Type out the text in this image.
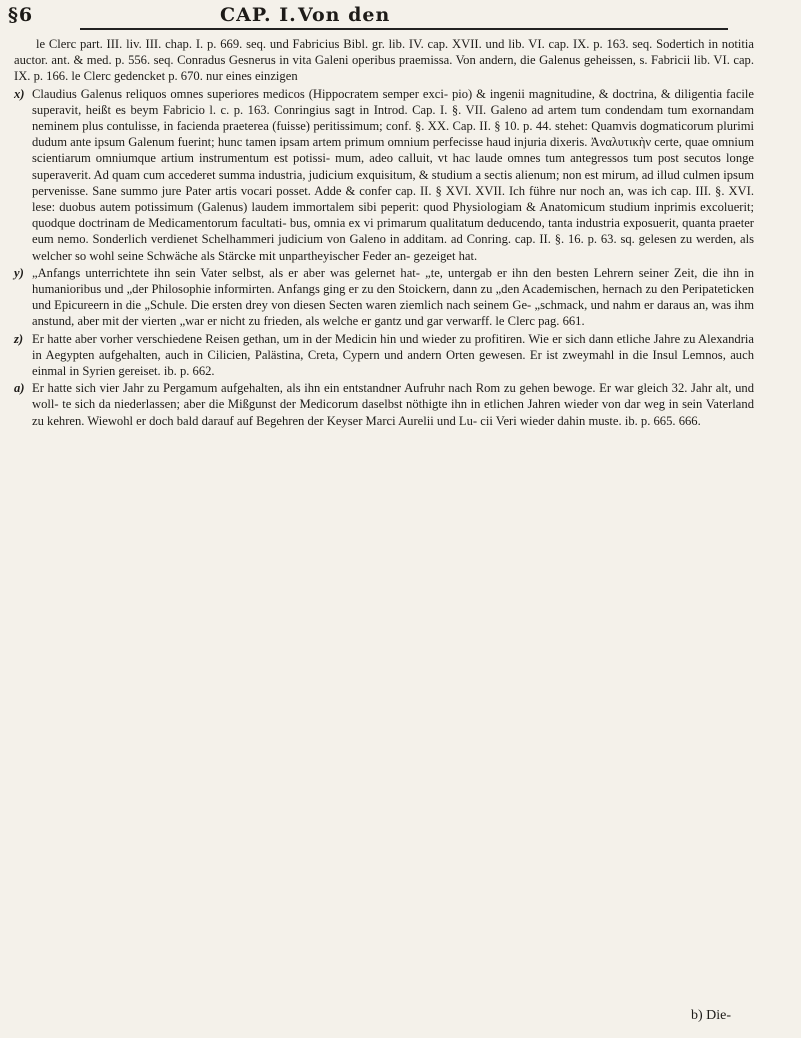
§6	CAP. I. Von den

le Clerc part. III. liv. III. chap. I. p. 669. seq. und Fabricius Bibl. gr. lib. IV. cap. XVII. und lib. VI. cap. IX. p. 163. seq. Sodertich in notitia auctor. ant. & med. p. 556. seq. Conradus Gesnerus in vita Galeni operibus praemissa. Von andern, die Galenus geheissen, s. Fabricii lib. VI. cap. IX. p. 166. le Clerc gedencket p. 670. nur eines einzigen

x) Claudius Galenus reliquos omnes superiores medicos (Hippocratem semper exci- pio) & ingenii magnitudine, & doctrina, & diligentia facile superavit, heißt es beym Fabricio l. c. p. 163. Conringius sagt in Introd. Cap. I. §. VII. Galeno ad artem tum condendam tum exornandam neminem plus contulisse, in facienda praeterea (fuisse) peritissimum; conf. §. XX. Cap. II. § 10. p. 44. stehet: Quamvis dogmaticorum plurimi dudum ante ipsum Galenum fuerint; hunc tamen ipsam artem primum omnium perfecisse haud injuria dixeris. Ἀναλυτικὴν certe, quae omnium scientiarum omniumque artium instrumentum est potissi- mum, adeo calluit, vt hac laude omnes tum antegressos tum post secutos longe superaverit. Ad quam cum accederet summa industria, judicium exquisitum, & studium a sectis alienum; non est mirum, ad illud culmen ipsum pervenisse. Sane summo jure Pater artis vocari posset. Adde & confer cap. II. § XVI. XVII. Ich führe nur noch an, was ich cap. III. §. XVI. lese: duobus autem potissimum (Galenus) laudem immortalem sibi peperit: quod Physiologiam & Anatomicum studium inprimis excoluerit; quodque doctrinam de Medicamentorum facultati- bus, omnia ex vi primarum qualitatum deducendo, tanta industria exposuerit, quanta praeter eum nemo. Sonderlich verdienet Schelhammeri judicium von Galeno in additam. ad Conring. cap. II. §. 16. p. 63. sq. gelesen zu werden, als welcher so wohl seine Schwäche als Stärcke mit unpartheyischer Feder an- gezeiget hat.
y) „Anfangs unterrichtete ihn sein Vater selbst, als er aber was gelernet hat- „te, untergab er ihn den besten Lehrern seiner Zeit, die ihn in humanioribus und „der Philosophie informirten. Anfangs ging er zu den Stoickern, dann zu „den Academischen, hernach zu den Peripateticken und Epicureern in die „Schule. Die ersten drey von diesen Secten waren ziemlich nach seinem Ge- „schmack, und nahm er daraus an, was ihm anstund, aber mit der vierten „war er nicht zu frieden, als welche er gantz und gar verwarff. le Clerc pag. 661.
z) Er hatte aber vorher verschiedene Reisen gethan, um in der Medicin hin und wieder zu profitiren. Wie er sich dann etliche Jahre zu Alexandria in Aegypten aufgehalten, auch in Cilicien, Palästina, Creta, Cypern und andern Orten gewesen. Er ist zweymahl in die Insul Lemnos, auch einmal in Syrien gereiset. ib. p. 662.
a) Er hatte sich vier Jahr zu Pergamum aufgehalten, als ihn ein entstandner Aufruhr nach Rom zu gehen bewoge. Er war gleich 32. Jahr alt, und woll- te sich da niederlassen; aber die Mißgunst der Medicorum daselbst nöthigte ihn in etlichen Jahren wieder von dar weg in sein Vaterland zu kehren. Wiewohl er doch bald darauf auf Begehren der Keyser Marci Aurelii und Lu- cii Veri wieder dahin muste. ib. p. 665. 666.
b) Die-
